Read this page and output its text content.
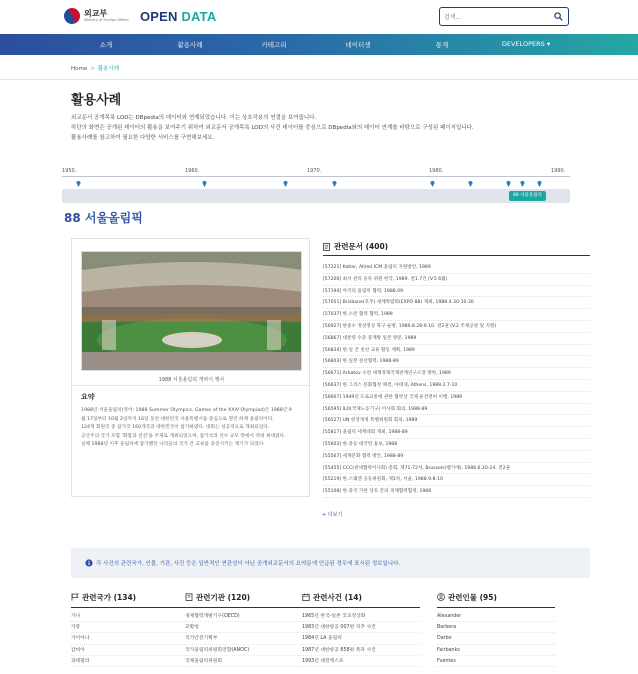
외교부
Ministry of Foreign Affairs OPEN DATA
검색...
소개	활용사례	카테고리	데이터셋	통계	DEVELOPERS ▾
Home > 활용사례
활용사례
외교문서 공개목록 LOD는 DBpedia의 데이터와 연계되었습니다. 이는 상호작용의 연결을 보여줍니다.
하단의 화면은 공개된 데이터의 활용을 보여주기 위하여 외교문서 공개목록 LOD의 사건 데이터를 중심으로 DBpedia와의 데이터 연계를 바탕으로 구성된 페이지입니다.
활용사례를 참고하여 필요한 다양한 서비스를 구현해보세요.
1950.	1960.	1970.	1980.	1990.
88 서울올림픽
88 서울올림픽
1988 서울올림픽 개막식 행사
요약
1988년 서울올림픽(영어: 1988 Summer Olympics, Games of the XXIV Olympiad)은 1988년 9
월 17일부터 10월 2일까지 16일 동안 대한민국 서울특별시를 중심으로 열린 하계 올림픽이다.
124개 회원국 중 참가국 160개국과 대한민국이 참가하였다. 대회는 성공적으로 개최되었다.
공산주의 국가 포함 '화합과 전진'을 주제로 개최되었으며, 참가국과 선수 규모 면에서 역대 최대였다.
일체 1988년 이후 올림픽에 참가했던 나라들의 국가 간 교류를 증진시키는 계기가 되었다.
관련문서 (400)
[57221] Kotler, Allred ICM 올림픽 지원방안, 1989
[57206] 최서 관리 등록 위원 한국, 1989. 전1.7건 (V.5 6월)
[57194] 아국의 올림픽 협력, 1988.09
[57051] Brisbane(호주) 세계박람회(EXPO 88) 개최, 1988.4.30-10.30
[57037] 한.소련 협력 협력, 1989
[56927] 한중수 정상정상 북구 순방, 1989.8.28-9.10. 전2권 (V.2 주재공관 및 지원)
[56867] 대통령 수준 중계방 일본 방문, 1989
[56834] 한.일 간 친선 교류 활동 계획, 1989
[56803] 한.일본 친선협력, 1988-89
[56671] Arbatov 소련 세계경제국제관계연구소장 방한, 1989
[56637] 한.그리스 문화협정 체결, 아테네, Athens, 1989.2.7-10
[56607] 1949년 도로교통에 관한 협약상 국제 운전면허 이행, 1989
[56595] ILO(국제노동기구) 이사회 회의, 1988-89
[56527] UN 헌장개정 특별위원회 회의, 1989
[55817] 올림픽 세계대회 개최, 1988-89
[55603] 한.중동 대국민 홍보, 1988
[55567] 세계문화 협력 방안, 1988-89
[55455] CCC(관세협력이사회) 총회, 제71-72차, Brussels(벨기에), 1988.6.20-24. 전2권
[55219] 한.스웨덴 공동위원회, 제1차, 서울, 1988.9.8-10
[55108] 한.중국 기관 상호 간의 경제협력협정, 1988
+ 더보기
각 사건의 관련국가, 인물, 기관, 사건 등은 일반적인 연관성이 아닌 공개외교문서의 요약문에 언급된 경우에 표시된 정보입니다.
관련국가 (134)
가나
가봉
가이아나
감비아
과테말라
관련기관 (120)
경제협력개발기구(OECD)
교황청
국가안전기획부
국가올림픽위원회연합(ANOC)
국제올림픽위원회
관련사건 (14)
1965년 한국-일본 국교정상화
1983년 대한항공 007편 격추 사건
1984년 LA 올림픽
1987년 대한항공 858편 폭파 사건
1993년 대전엑스포
관련인물 (95)
Alexander
Barbera
Darbo
Fairbanks
Fuentes
